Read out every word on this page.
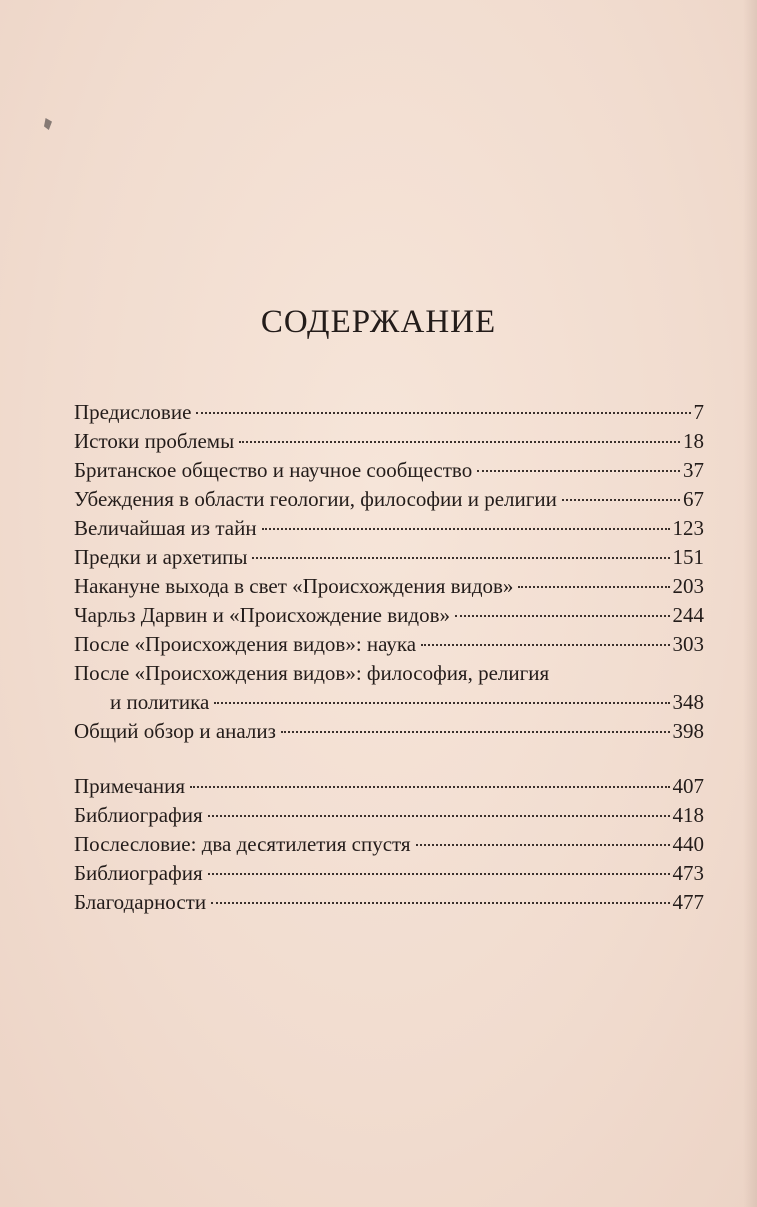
СОДЕРЖАНИЕ
Предисловие	7
Истоки проблемы	18
Британское общество и научное сообщество	37
Убеждения в области геологии, философии и религии	67
Величайшая из тайн	123
Предки и архетипы	151
Накануне выхода в свет «Происхождения видов»	203
Чарльз Дарвин и «Происхождение видов»	244
После «Происхождения видов»: наука	303
После «Происхождения видов»: философия, религия
и политика	348
Общий обзор и анализ	398
Примечания	407
Библиография	418
Послесловие: два десятилетия спустя	440
Библиография	473
Благодарности	477
